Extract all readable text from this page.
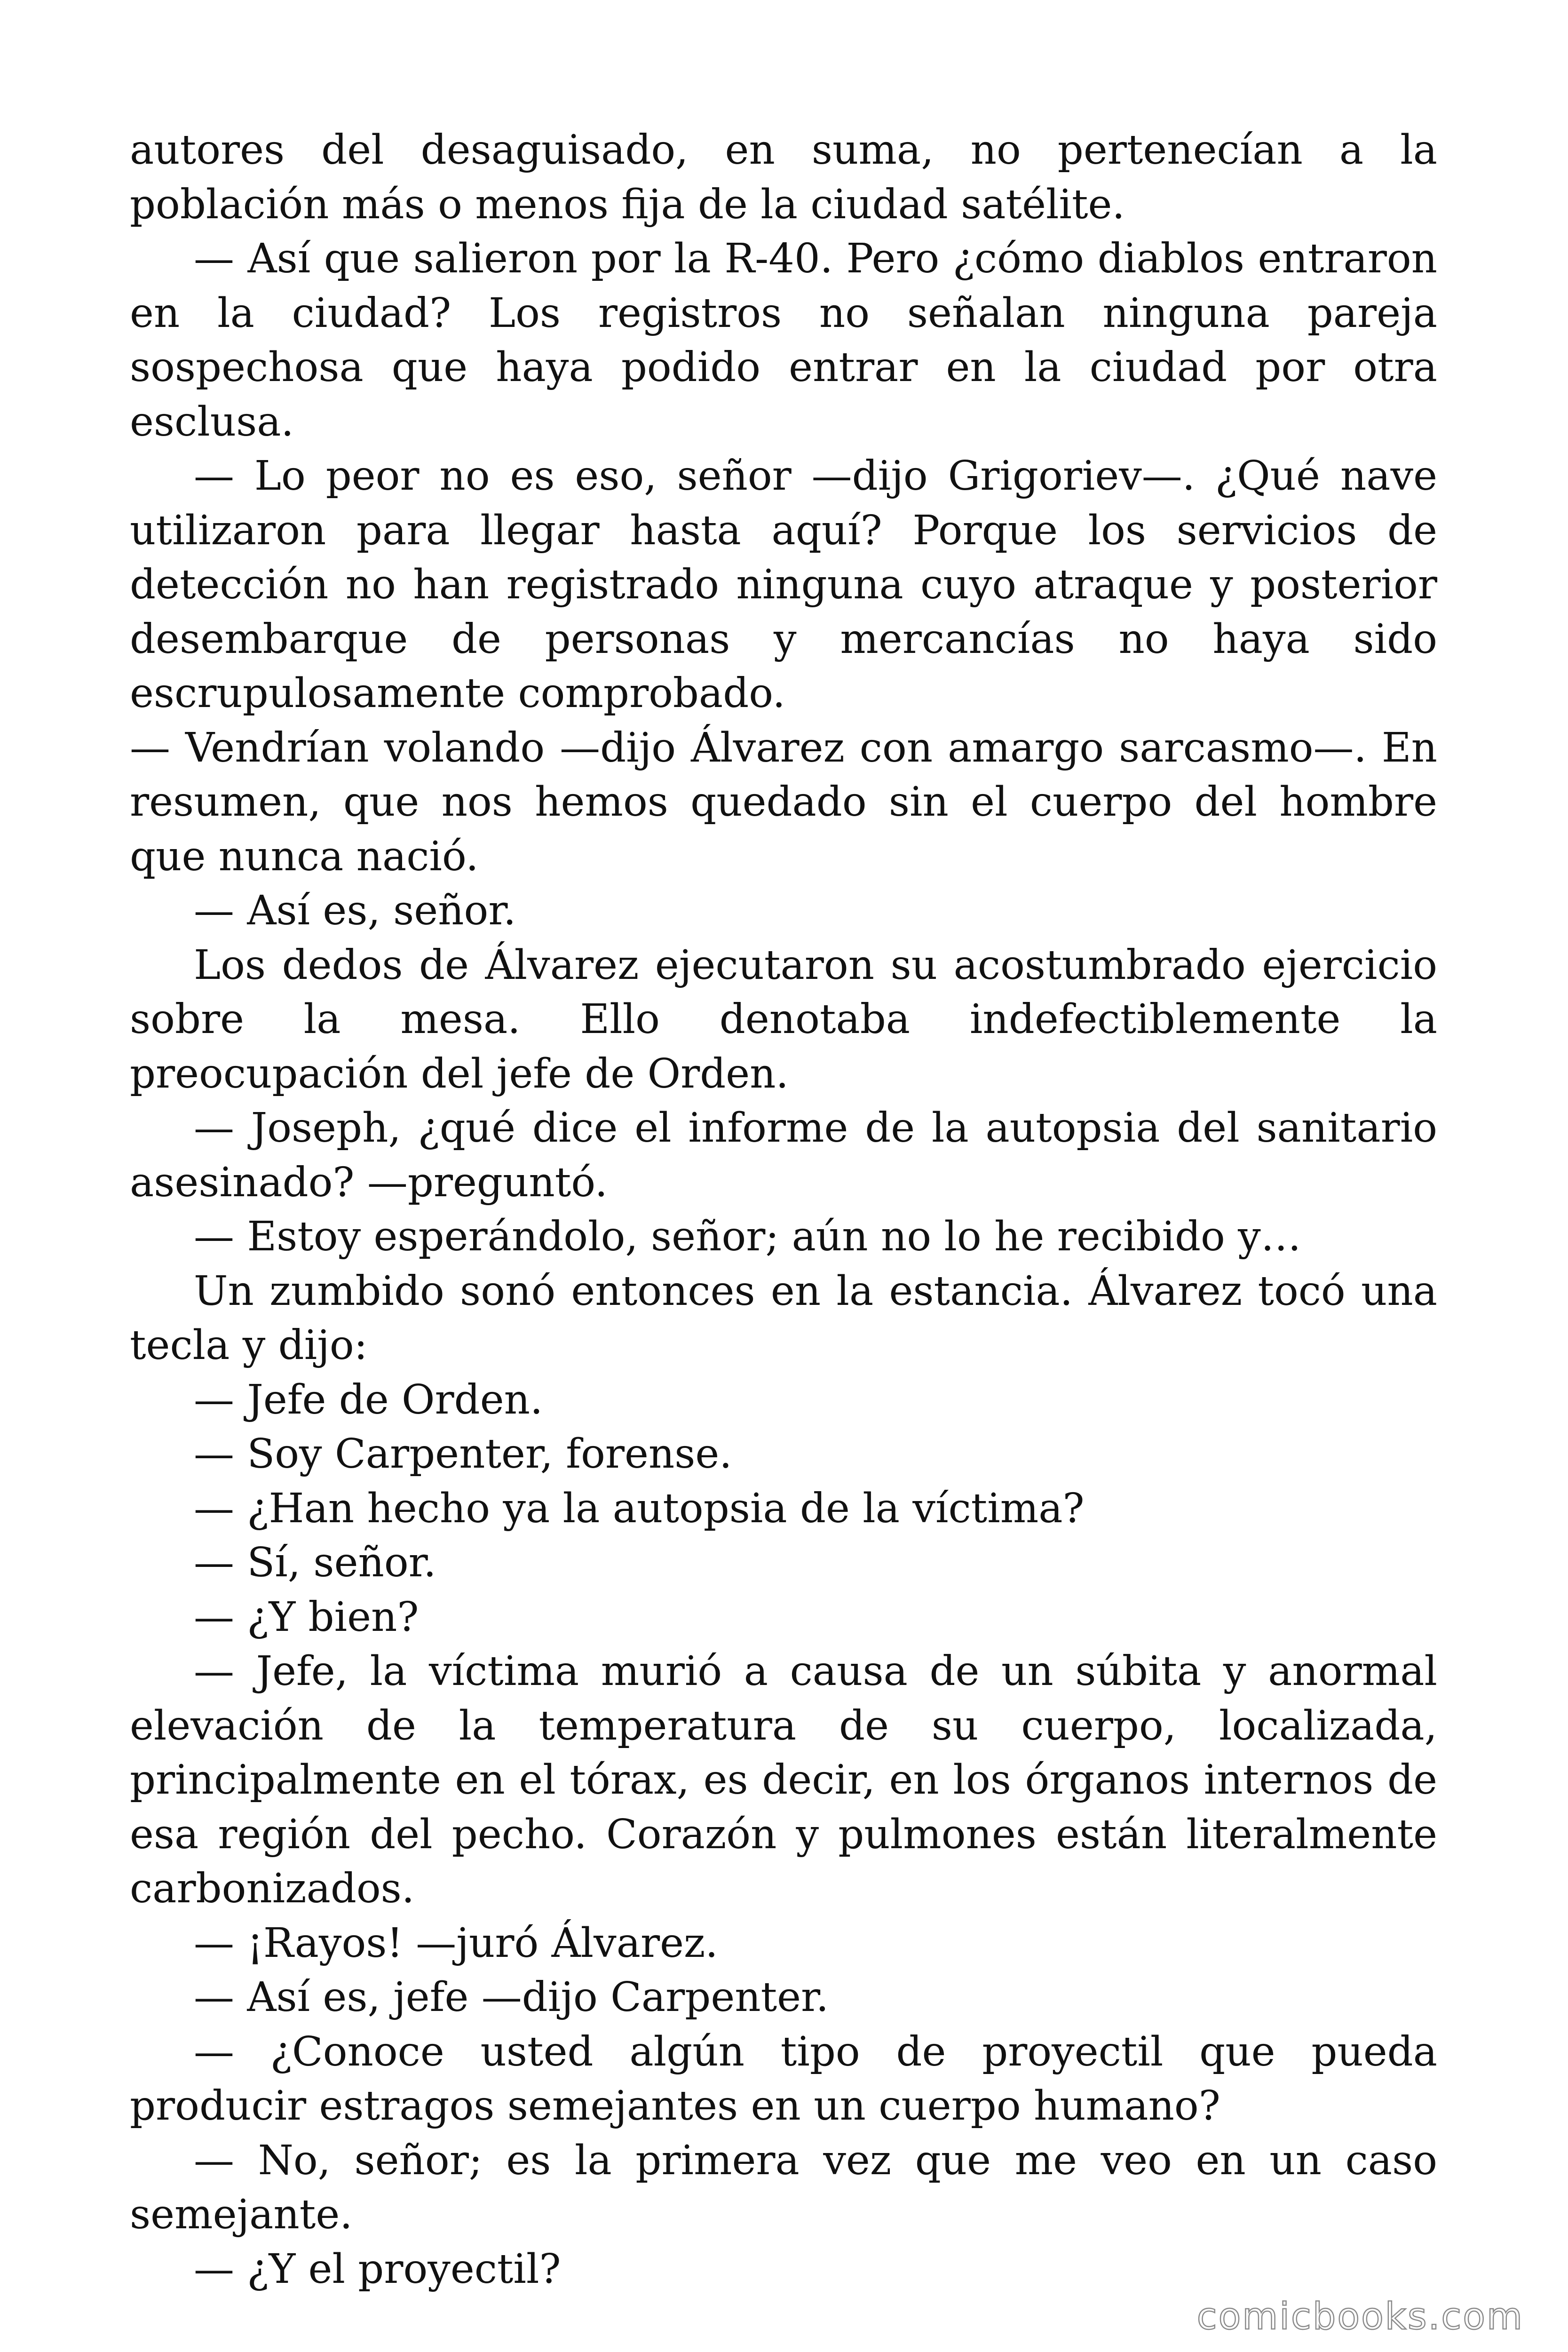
autores del desaguisado, en suma, no pertenecían a la población más o menos fija de la ciudad satélite.

— Así que salieron por la R-40. Pero ¿cómo diablos entraron en la ciudad? Los registros no señalan ninguna pareja sospechosa que haya podido entrar en la ciudad por otra esclusa.

— Lo peor no es eso, señor —dijo Grigoriev—. ¿Qué nave utilizaron para llegar hasta aquí? Porque los servicios de detección no han registrado ninguna cuyo atraque y posterior desembarque de personas y mercancías no haya sido escrupulosamente comprobado.

— Vendrían volando —dijo Álvarez con amargo sarcasmo—. En resumen, que nos hemos quedado sin el cuerpo del hombre que nunca nació.

— Así es, señor.

Los dedos de Álvarez ejecutaron su acostumbrado ejercicio sobre la mesa. Ello denotaba indefectiblemente la preocupación del jefe de Orden.

— Joseph, ¿qué dice el informe de la autopsia del sanitario asesinado? —preguntó.

— Estoy esperándolo, señor; aún no lo he recibido y…

Un zumbido sonó entonces en la estancia. Álvarez tocó una tecla y dijo:

— Jefe de Orden.

— Soy Carpenter, forense.

— ¿Han hecho ya la autopsia de la víctima?

— Sí, señor.

— ¿Y bien?

— Jefe, la víctima murió a causa de un súbita y anormal elevación de la temperatura de su cuerpo, localizada, principalmente en el tórax, es decir, en los órganos internos de esa región del pecho. Corazón y pulmones están literalmente carbonizados.

— ¡Rayos! —juró Álvarez.

— Así es, jefe —dijo Carpenter.

— ¿Conoce usted algún tipo de proyectil que pueda producir estragos semejantes en un cuerpo humano?

— No, señor; es la primera vez que me veo en un caso semejante.

— ¿Y el proyectil?

comicbooks.com
